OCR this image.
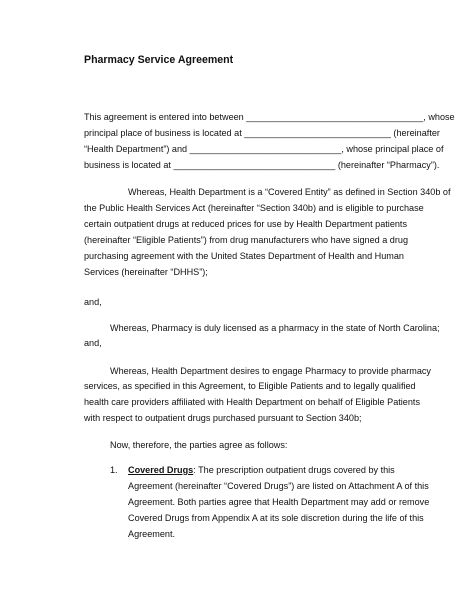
Pharmacy Service Agreement
This agreement is entered into between ___________________________________, whose
principal place of business is located at _____________________________ (hereinafter
“Health Department”) and ______________________________, whose principal place of
business is located at ________________________________ (hereinafter “Pharmacy”).
Whereas, Health Department is a “Covered Entity” as defined in Section 340b of
the Public Health Services Act (hereinafter “Section 340b) and is eligible to purchase
certain outpatient drugs at reduced prices for use by Health Department patients
(hereinafter “Eligible Patients”) from drug manufacturers who have signed a drug
purchasing agreement with the United States Department of Health and Human
Services (hereinafter “DHHS”);
and,
Whereas, Pharmacy is duly licensed as a pharmacy in the state of North Carolina;
and,
Whereas, Health Department desires to engage Pharmacy to provide pharmacy
services, as specified in this Agreement, to Eligible Patients and to legally qualified
health care providers affiliated with Health Department on behalf of Eligible Patients
with respect to outpatient drugs purchased pursuant to Section 340b;
Now, therefore, the parties agree as follows:
1. Covered Drugs: The prescription outpatient drugs covered by this
Agreement (hereinafter “Covered Drugs”) are listed on Attachment A of this
Agreement. Both parties agree that Health Department may add or remove
Covered Drugs from Appendix A at its sole discretion during the life of this
Agreement.
